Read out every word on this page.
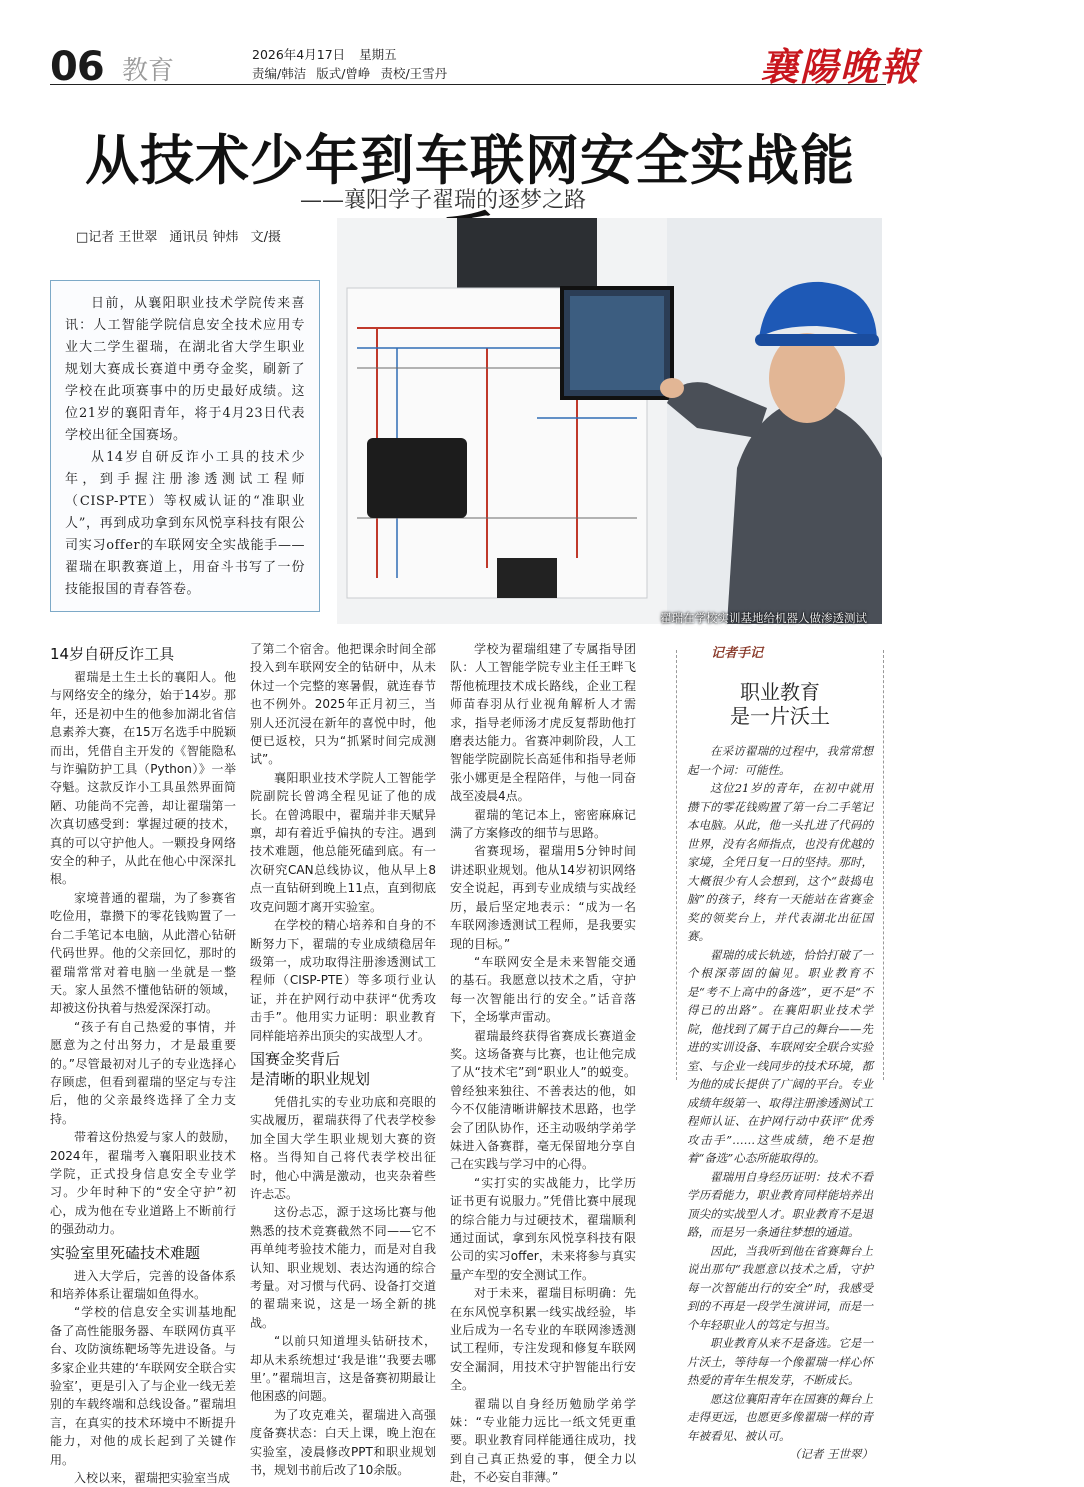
06 教育
2026年4月17日 星期五
责编/韩洁 版式/曾峥 责校/王雪丹	襄陽晚報
从技术少年到车联网安全实战能
——襄阳学子翟瑞的逐梦之路
□记者 王世翠 通讯员 钟炜 文/摄

日前，从襄阳职业技术学院传来喜讯：人工智能学院信息安全技术应用专业大二学生翟瑞，在湖北省大学生职业规划大赛成长赛道中勇夺金奖，刷新了学校在此项赛事中的历史最好成绩。这位21岁的襄阳青年，将于4月23日代表学校出征全国赛场。

从14岁自研反诈小工具的技术少年，到手握注册渗透测试工程师（CISP-PTE）等权威认证的“准职业人”，再到成功拿到东风悦享科技有限公司实习offer的车联网安全实战能手——翟瑞在职教赛道上，用奋斗书写了一份技能报国的青春答卷。

翟瑞在学校实训基地给机器人做渗透测试
14岁自研反诈工具

翟瑞是土生土长的襄阳人。他与网络安全的缘分，始于14岁。那年，还是初中生的他参加湖北省信息素养大赛，在15万名选手中脱颖而出，凭借自主开发的《智能隐私与诈骗防护工具（Python）》一举夺魁。这款反诈小工具虽然界面简陋、功能尚不完善，却让翟瑞第一次真切感受到：掌握过硬的技术，真的可以守护他人。一颗投身网络安全的种子，从此在他心中深深扎根。

家境普通的翟瑞，为了参赛省吃俭用，靠攒下的零花钱购置了一台二手笔记本电脑，从此潜心钻研代码世界。他的父亲回忆，那时的翟瑞常常对着电脑一坐就是一整天。家人虽然不懂他钻研的领域，却被这份执着与热爱深深打动。

“孩子有自己热爱的事情，并愿意为之付出努力，才是最重要的。”尽管最初对儿子的专业选择心存顾虑，但看到翟瑞的坚定与专注后，他的父亲最终选择了全力支持。

带着这份热爱与家人的鼓励，2024年，翟瑞考入襄阳职业技术学院，正式投身信息安全专业学习。少年时种下的“安全守护”初心，成为他在专业道路上不断前行的强劲动力。

实验室里死磕技术难题

进入大学后，完善的设备体系和培养体系让翟瑞如鱼得水。

“学校的信息安全实训基地配备了高性能服务器、车联网仿真平台、攻防演练靶场等先进设备。与多家企业共建的‘车联网安全联合实验室’，更是引入了与企业一线无差别的车载终端和总线设备。”翟瑞坦言，在真实的技术环境中不断提升能力，对他的成长起到了关键作用。

入校以来，翟瑞把实验室当成

了第二个宿舍。他把课余时间全部投入到车联网安全的钻研中，从未休过一个完整的寒暑假，就连春节也不例外。2025年正月初三，当别人还沉浸在新年的喜悦中时，他便已返校，只为“抓紧时间完成测试”。

襄阳职业技术学院人工智能学院副院长曾鸿全程见证了他的成长。在曾鸿眼中，翟瑞并非天赋异禀，却有着近乎偏执的专注。遇到技术难题，他总能死磕到底。有一次研究CAN总线协议，他从早上8点一直钻研到晚上11点，直到彻底攻克问题才离开实验室。

在学校的精心培养和自身的不断努力下，翟瑞的专业成绩稳居年级第一，成功取得注册渗透测试工程师（CISP-PTE）等多项行业认证，并在护网行动中获评“优秀攻击手”。他用实力证明：职业教育同样能培养出顶尖的实战型人才。

国赛金奖背后
是清晰的职业规划

凭借扎实的专业功底和亮眼的实战履历，翟瑞获得了代表学校参加全国大学生职业规划大赛的资格。当得知自己将代表学校出征时，他心中满是激动，也夹杂着些许忐忑。

这份忐忑，源于这场比赛与他熟悉的技术竞赛截然不同——它不再单纯考验技术能力，而是对自我认知、职业规划、表达沟通的综合考量。对习惯与代码、设备打交道的翟瑞来说，这是一场全新的挑战。

“以前只知道埋头钻研技术，却从未系统想过‘我是谁’‘我要去哪里’。”翟瑞坦言，这是备赛初期最让他困惑的问题。

为了攻克难关，翟瑞进入高强度备赛状态：白天上课，晚上泡在实验室，凌晨修改PPT和职业规划书，规划书前后改了10余版。

学校为翟瑞组建了专属指导团队：人工智能学院专业主任王畔飞帮他梳理技术成长路线，企业工程师苗春羽从行业视角解析人才需求，指导老师汤才虎反复帮助他打磨表达能力。省赛冲刺阶段，人工智能学院副院长高延伟和指导老师张小娜更是全程陪伴，与他一同奋战至凌晨4点。

翟瑞的笔记本上，密密麻麻记满了方案修改的细节与思路。

省赛现场，翟瑞用5分钟时间讲述职业规划。他从14岁初识网络安全说起，再到专业成绩与实战经历，最后坚定地表示：“成为一名车联网渗透测试工程师，是我要实现的目标。”

“车联网安全是未来智能交通的基石。我愿意以技术之盾，守护每一次智能出行的安全。”话音落下，全场掌声雷动。

翟瑞最终获得省赛成长赛道金奖。这场备赛与比赛，也让他完成了从“技术宅”到“职业人”的蜕变。曾经独来独往、不善表达的他，如今不仅能清晰讲解技术思路，也学会了团队协作，还主动吸纳学弟学妹进入备赛群，毫无保留地分享自己在实践与学习中的心得。

“实打实的实战能力，比学历证书更有说服力。”凭借比赛中展现的综合能力与过硬技术，翟瑞顺利通过面试，拿到东风悦享科技有限公司的实习offer，未来将参与真实量产车型的安全测试工作。

对于未来，翟瑞目标明确：先在东风悦享积累一线实战经验，毕业后成为一名专业的车联网渗透测试工程师，专注发现和修复车联网安全漏洞，用技术守护智能出行安全。

翟瑞以自身经历勉励学弟学妹：“专业能力远比一纸文凭更重要。职业教育同样能通往成功，找到自己真正热爱的事，便全力以赴，不必妄自菲薄。”

记者手记
职业教育
是一片沃土

在采访翟瑞的过程中，我常常想起一个词：可能性。

这位21岁的青年，在初中就用攒下的零花钱购置了第一台二手笔记本电脑。从此，他一头扎进了代码的世界，没有名师指点，也没有优越的家境，全凭日复一日的坚持。那时，大概很少有人会想到，这个“鼓捣电脑”的孩子，终有一天能站在省赛金奖的领奖台上，并代表湖北出征国赛。

翟瑞的成长轨迹，恰恰打破了一个根深蒂固的偏见。职业教育不是“考不上高中的备选”，更不是“不得已的出路”。在襄阳职业技术学院，他找到了属于自己的舞台——先进的实训设备、车联网安全联合实验室、与企业一线同步的技术环境，都为他的成长提供了广阔的平台。专业成绩年级第一、取得注册渗透测试工程师认证、在护网行动中获评“优秀攻击手”……这些成绩，绝不是抱着“备选”心态所能取得的。

翟瑞用自身经历证明：技术不看学历看能力，职业教育同样能培养出顶尖的实战型人才。职业教育不是退路，而是另一条通往梦想的通道。

因此，当我听到他在省赛舞台上说出那句“我愿意以技术之盾，守护每一次智能出行的安全”时，我感受到的不再是一段学生演讲词，而是一个年轻职业人的笃定与担当。

职业教育从来不是备选。它是一片沃土，等待每一个像翟瑞一样心怀热爱的青年生根发芽，不断成长。

愿这位襄阳青年在国赛的舞台上走得更远，也愿更多像翟瑞一样的青年被看见、被认可。

（记者 王世翠）
